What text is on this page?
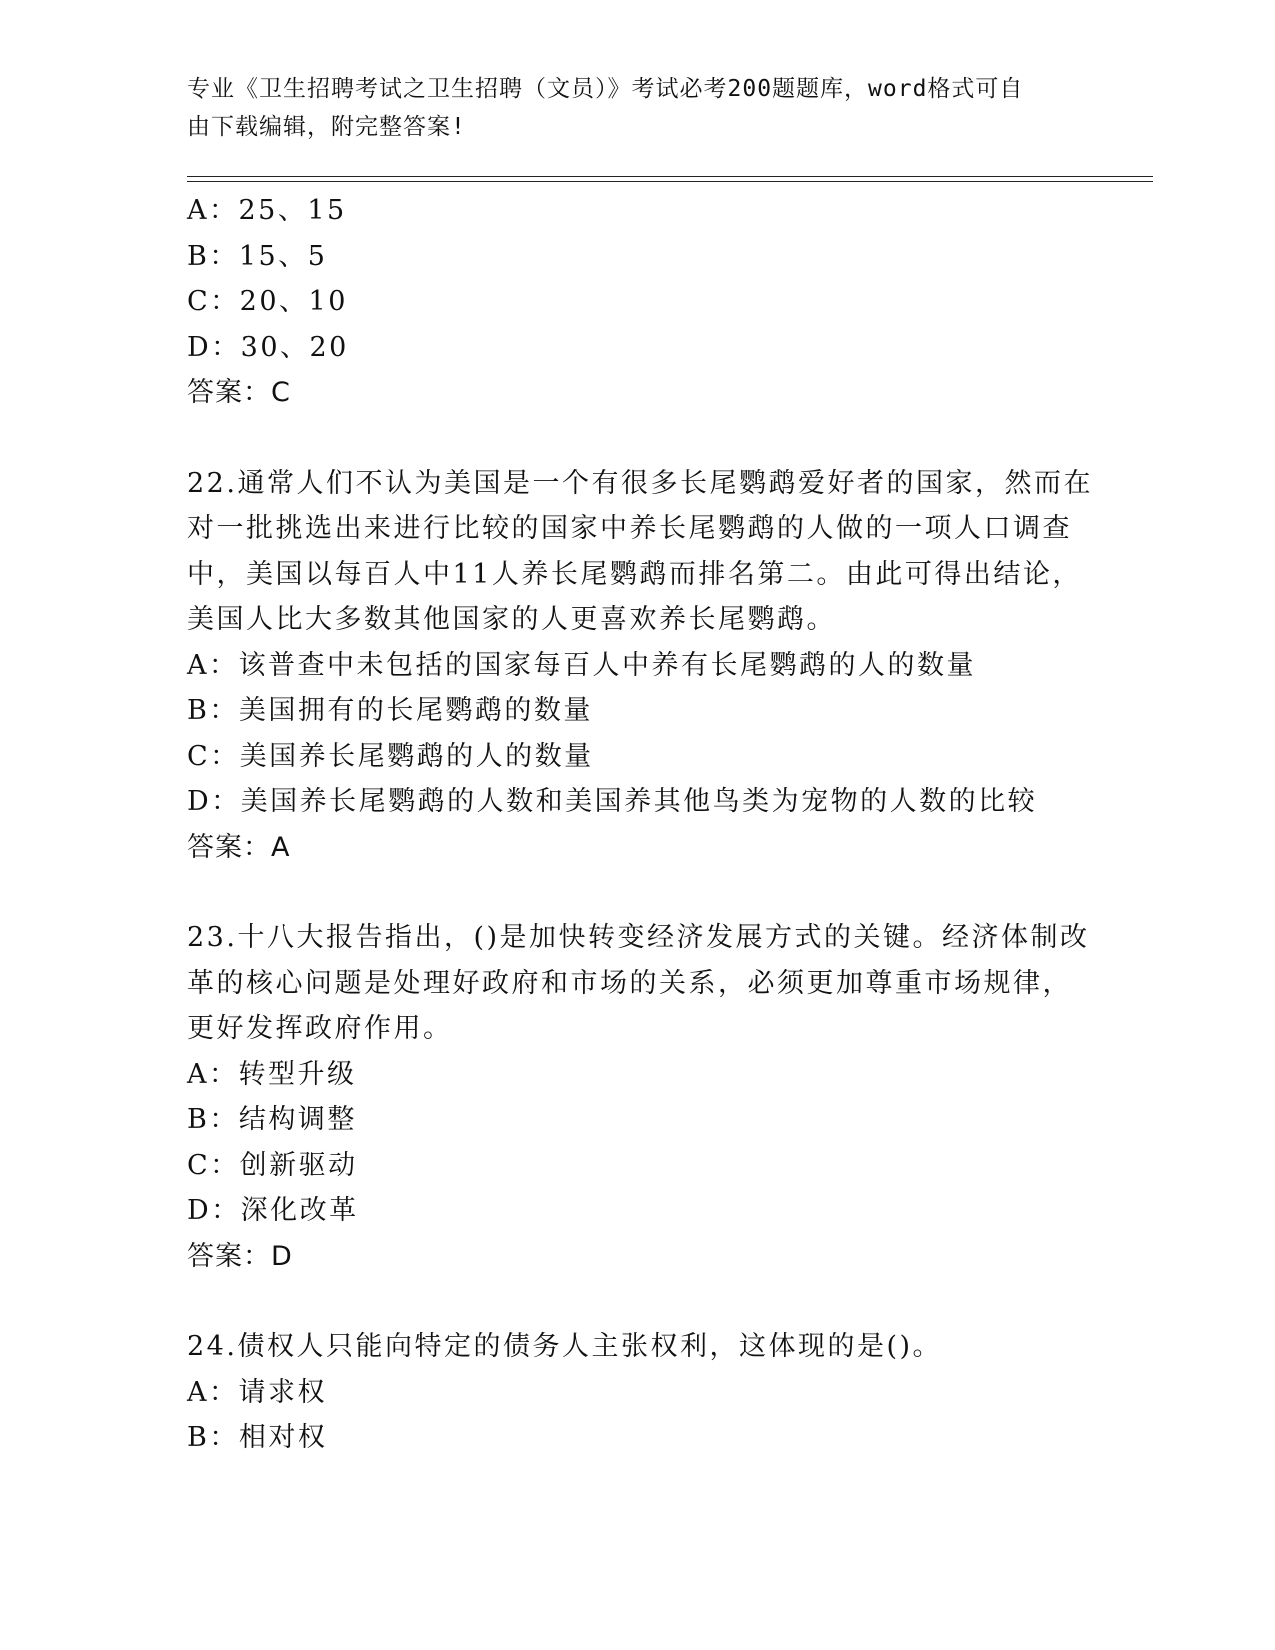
专业《卫生招聘考试之卫生招聘（文员）》考试必考200题题库，word格式可自
由下载编辑，附完整答案!
A：25、15
B：15、5
C：20、10
D：30、20
答案：C
22.通常人们不认为美国是一个有很多长尾鹦鹉爱好者的国家，然而在
对一批挑选出来进行比较的国家中养长尾鹦鹉的人做的一项人口调查
中，美国以每百人中11人养长尾鹦鹉而排名第二。由此可得出结论，
美国人比大多数其他国家的人更喜欢养长尾鹦鹉。
A：该普查中未包括的国家每百人中养有长尾鹦鹉的人的数量
B：美国拥有的长尾鹦鹉的数量
C：美国养长尾鹦鹉的人的数量
D：美国养长尾鹦鹉的人数和美国养其他鸟类为宠物的人数的比较
答案：A
23.十八大报告指出，()是加快转变经济发展方式的关键。经济体制改
革的核心问题是处理好政府和市场的关系，必须更加尊重市场规律，
更好发挥政府作用。
A：转型升级
B：结构调整
C：创新驱动
D：深化改革
答案：D
24.债权人只能向特定的债务人主张权利，这体现的是()。
A：请求权
B：相对权
